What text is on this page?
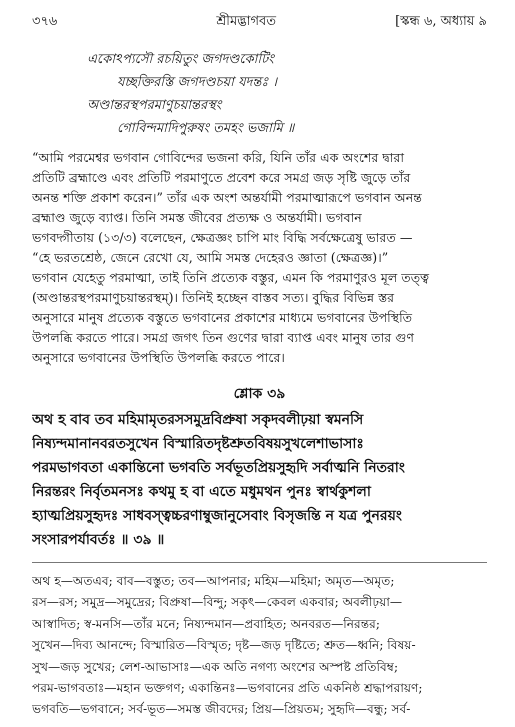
৩৭৬	শ্রীমদ্ভাগবত	[স্কন্ধ ৬, অধ্যায় ৯
একোঽপ্যসৌ রচয়িতুং জগদণ্ডকোটিং
যচ্ছক্তিরস্তি জগদণ্ডচয়া যদন্তঃ ।
অণ্ডান্তরস্থপরমাণুচয়ান্তরস্থং
গোবিন্দমাদিপুরুষং তমহং ভজামি ॥

“আমি পরমেশ্বর ভগবান গোবিন্দের ভজনা করি, যিনি তাঁর এক অংশের দ্বারা

প্রতিটি ব্রহ্মাণ্ডে এবং প্রতিটি পরমাণুতে প্রবেশ করে সমগ্র জড় সৃষ্টি জুড়ে তাঁর

অনন্ত শক্তি প্রকাশ করেন।” তাঁর এক অংশ অন্তর্যামী পরমাত্মারূপে ভগবান অনন্ত

ব্রহ্মাণ্ড জুড়ে ব্যাপ্ত। তিনি সমস্ত জীবের প্রত্যক্ষ ও অন্তর্যামী। ভগবান

ভগবদ্গীতায় (১৩/৩) বলেছেন, ক্ষেত্রজ্ঞং চাপি মাং বিদ্ধি সর্বক্ষেত্রেষু ভারত —

“হে ভরতশ্রেষ্ঠ, জেনে রেখো যে, আমি সমস্ত দেহেরও জ্ঞাতা (ক্ষেত্রজ্ঞ)।”

ভগবান যেহেতু পরমাত্মা, তাই তিনি প্রত্যেক বস্তুর, এমন কি পরমাণুরও মূল তত্ত্ব

(অণ্ডান্তরস্থপরমাণুচয়ান্তরস্থম্)। তিনিই হচ্ছেন বাস্তব সত্য। বুদ্ধির বিভিন্ন স্তর

অনুসারে মানুষ প্রত্যেক বস্তুতে ভগবানের প্রকাশের মাধ্যমে ভগবানের উপস্থিতি

উপলব্ধি করতে পারে। সমগ্র জগৎ তিন গুণের দ্বারা ব্যাপ্ত এবং মানুষ তার গুণ

অনুসারে ভগবানের উপস্থিতি উপলব্ধি করতে পারে।

শ্লোক ৩৯

অথ হ বাব তব মহিমামৃতরসসমুদ্রবিপ্রুষা সকৃদবলীঢ়য়া স্বমনসি

নিষ্যন্দমানানবরতসুখেন বিস্মারিতদৃষ্টশ্রুতবিষয়সুখলেশাভাসাঃ

পরমভাগবতা একান্তিনো ভগবতি সর্বভূতপ্রিয়সুহৃদি সর্বাত্মনি নিতরাং

নিরন্তরং নির্বৃতমনসঃ কথমু হ বা এতে মধুমথন পুনঃ স্বার্থকুশলা

হ্যাত্মপ্রিয়সুহৃদঃ সাধবস্ত্বচ্চরণাম্বুজানুসেবাং বিসৃজন্তি ন যত্র পুনরয়ং

সংসারপর্যাবর্তঃ ॥ ৩৯ ॥

অথ হ—অতএব; বাব—বস্তুত; তব—আপনার; মহিম—মহিমা; অমৃত—অমৃত;

রস—রস; সমুদ্র—সমুদ্রের; বিপ্রুষা—বিন্দু; সকৃৎ—কেবল একবার; অবলীঢ়য়া—

আস্বাদিত; স্ব-মনসি—তাঁর মনে; নিষ্যন্দমান—প্রবাহিত; অনবরত—নিরন্তর;

সুখেন—দিব্য আনন্দে; বিস্মারিত—বিস্মৃত; দৃষ্ট—জড় দৃষ্টিতে; শ্রুত—ধ্বনি; বিষয়-

সুখ—জড় সুখের; লেশ-আভাসাঃ—এক অতি নগণ্য অংশের অস্পষ্ট প্রতিবিম্ব;

পরম-ভাগবতাঃ—মহান ভক্তগণ; একান্তিনঃ—ভগবানের প্রতি একনিষ্ঠ শ্রদ্ধাপরায়ণ;

ভগবতি—ভগবানে; সর্ব-ভূত—সমস্ত জীবদের; প্রিয়—প্রিয়তম; সুহৃদি—বন্ধু; সর্ব-
